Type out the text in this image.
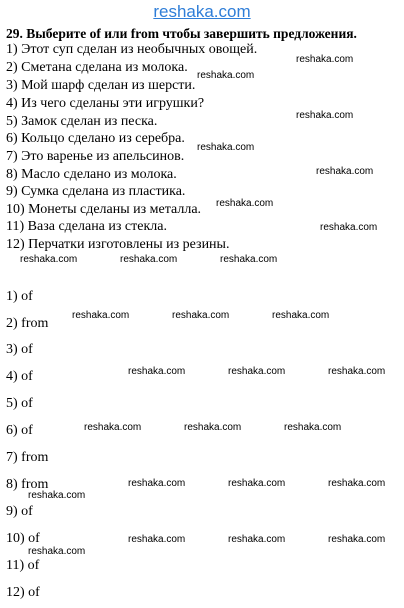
reshaka.com
29. Выберите of или from чтобы завершить предложения.
1) Этот суп сделан из необычных овощей.
2) Сметана сделана из молока.
3) Мой шарф сделан из шерсти.
4) Из чего сделаны эти игрушки?
5) Замок сделан из песка.
6) Кольцо сделано из серебра.
7) Это варенье из апельсинов.
8) Масло сделано из молока.
9) Сумка сделана из пластика.
10) Монеты сделаны из металла.
11) Ваза сделана из стекла.
12) Перчатки изготовлены из резины.
1) of
2) from
3) of
4) of
5) of
6) of
7) from
8) from
9) of
10) of
11) of
12) of
reshaka.com
reshaka.com
reshaka.com
reshaka.com
reshaka.com
reshaka.com
reshaka.com
reshaka.com	reshaka.com	reshaka.com
reshaka.com	reshaka.com	reshaka.com
reshaka.com	reshaka.com	reshaka.com
reshaka.com	reshaka.com	reshaka.com
reshaka.com	reshaka.com	reshaka.com
reshaka.com
reshaka.com	reshaka.com	reshaka.com
reshaka.com
